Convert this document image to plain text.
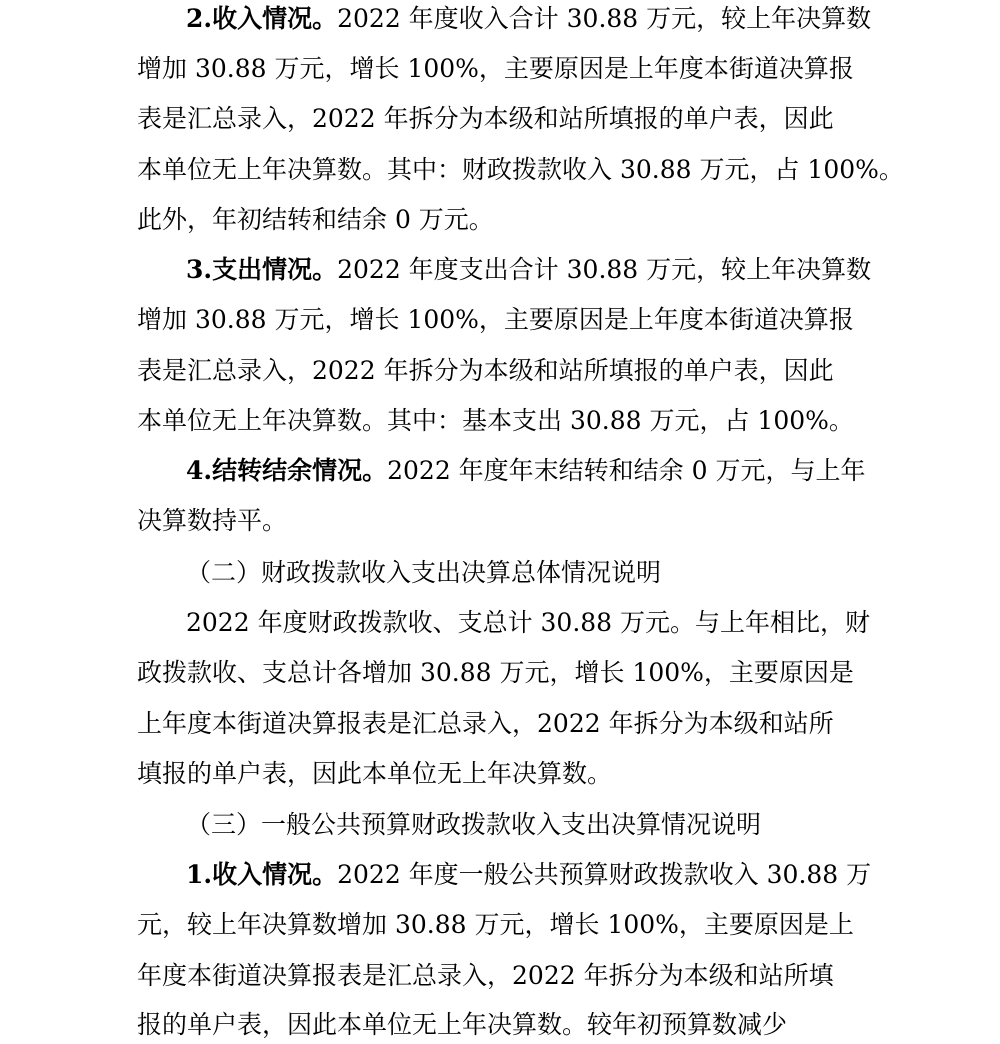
2.收入情况。2022 年度收入合计 30.88 万元，较上年决算数
增加 30.88 万元，增长 100%，主要原因是上年度本街道决算报
表是汇总录入，2022 年拆分为本级和站所填报的单户表，因此
本单位无上年决算数。其中：财政拨款收入 30.88 万元，占 100%。
此外，年初结转和结余 0 万元。
3.支出情况。2022 年度支出合计 30.88 万元，较上年决算数
增加 30.88 万元，增长 100%，主要原因是上年度本街道决算报
表是汇总录入，2022 年拆分为本级和站所填报的单户表，因此
本单位无上年决算数。其中：基本支出 30.88 万元，占 100%。
4.结转结余情况。2022 年度年末结转和结余 0 万元，与上年
决算数持平。
（二）财政拨款收入支出决算总体情况说明
2022 年度财政拨款收、支总计 30.88 万元。与上年相比，财
政拨款收、支总计各增加 30.88 万元，增长 100%，主要原因是
上年度本街道决算报表是汇总录入，2022 年拆分为本级和站所
填报的单户表，因此本单位无上年决算数。
（三）一般公共预算财政拨款收入支出决算情况说明
1.收入情况。2022 年度一般公共预算财政拨款收入 30.88 万
元，较上年决算数增加 30.88 万元，增长 100%，主要原因是上
年度本街道决算报表是汇总录入，2022 年拆分为本级和站所填
报的单户表，因此本单位无上年决算数。较年初预算数减少
